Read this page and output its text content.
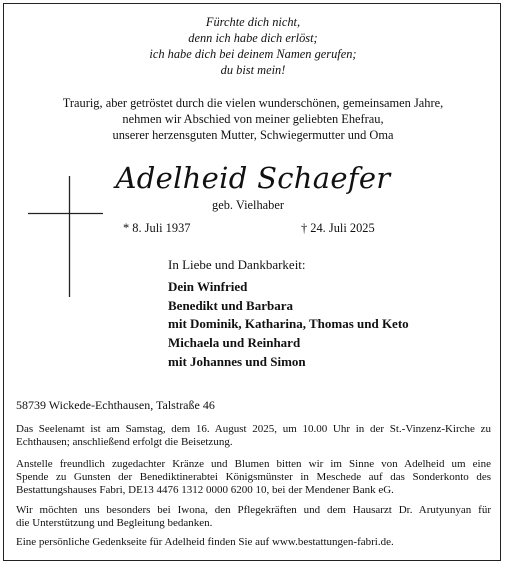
Fürchte dich nicht,
denn ich habe dich erlöst;
ich habe dich bei deinem Namen gerufen;
du bist mein!
Traurig, aber getröstet durch die vielen wunderschönen, gemeinsamen Jahre,
nehmen wir Abschied von meiner geliebten Ehefrau,
unserer herzensguten Mutter, Schwiegermutter und Oma
Adelheid Schaefer
geb. Vielhaber
* 8. Juli 1937	† 24. Juli 2025
In Liebe und Dankbarkeit:
Dein Winfried
Benedikt und Barbara
mit Dominik, Katharina, Thomas und Keto
Michaela und Reinhard
mit Johannes und Simon
58739 Wickede-Echthausen, Talstraße 46
Das Seelenamt ist am Samstag, dem 16. August 2025, um 10.00 Uhr in der St.-Vinzenz-Kirche zu
Echthausen; anschließend erfolgt die Beisetzung.
Anstelle freundlich zugedachter Kränze und Blumen bitten wir im Sinne von Adelheid um eine
Spende zu Gunsten der Benediktinerabtei Königsmünster in Meschede auf das Sonderkonto des
Bestattungshauses Fabri, DE13 4476 1312 0000 6200 10, bei der Mendener Bank eG.
Wir möchten uns besonders bei Iwona, den Pflegekräften und dem Hausarzt Dr. Arutyunyan für
die Unterstützung und Begleitung bedanken.
Eine persönliche Gedenkseite für Adelheid finden Sie auf www.bestattungen-fabri.de.
